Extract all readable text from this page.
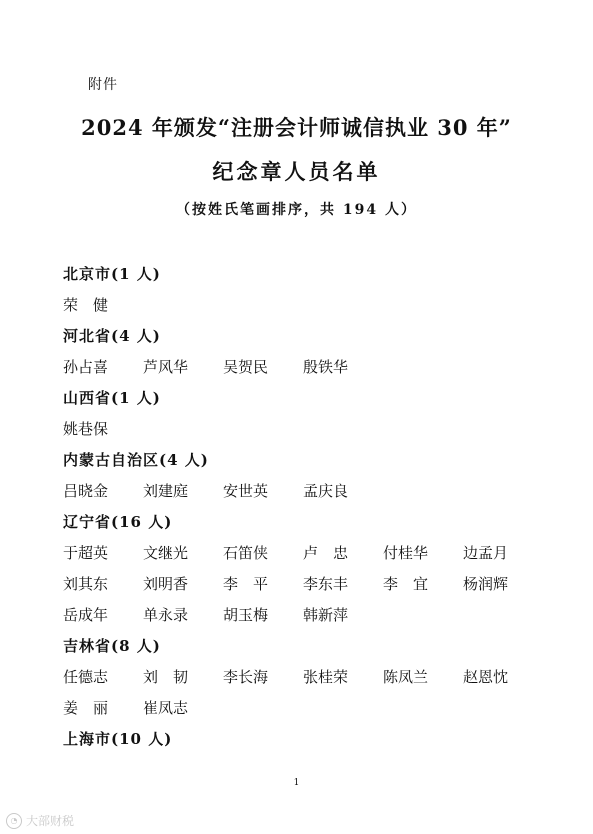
附件
2024 年颁发“注册会计师诚信执业 30 年”
纪念章人员名单
（按姓氏笔画排序，共 194 人）
北京市(1 人)
荣　健
河北省(4 人)
孙占喜	芦风华	吴贺民	殷铁华
山西省(1 人)
姚巷保
内蒙古自治区(4 人)
吕晓金	刘建庭	安世英	孟庆良
辽宁省(16 人)
于超英	文继光	石笛侠	卢　忠	付桂华	边孟月
刘其东	刘明香	李　平	李东丰	李　宜	杨润辉
岳成年	单永录	胡玉梅	韩新萍
吉林省(8 人)
任德志	刘　韧	李长海	张桂荣	陈凤兰	赵恩忱
姜　丽	崔凤志
上海市(10 人)
1
◔ 大部财税
